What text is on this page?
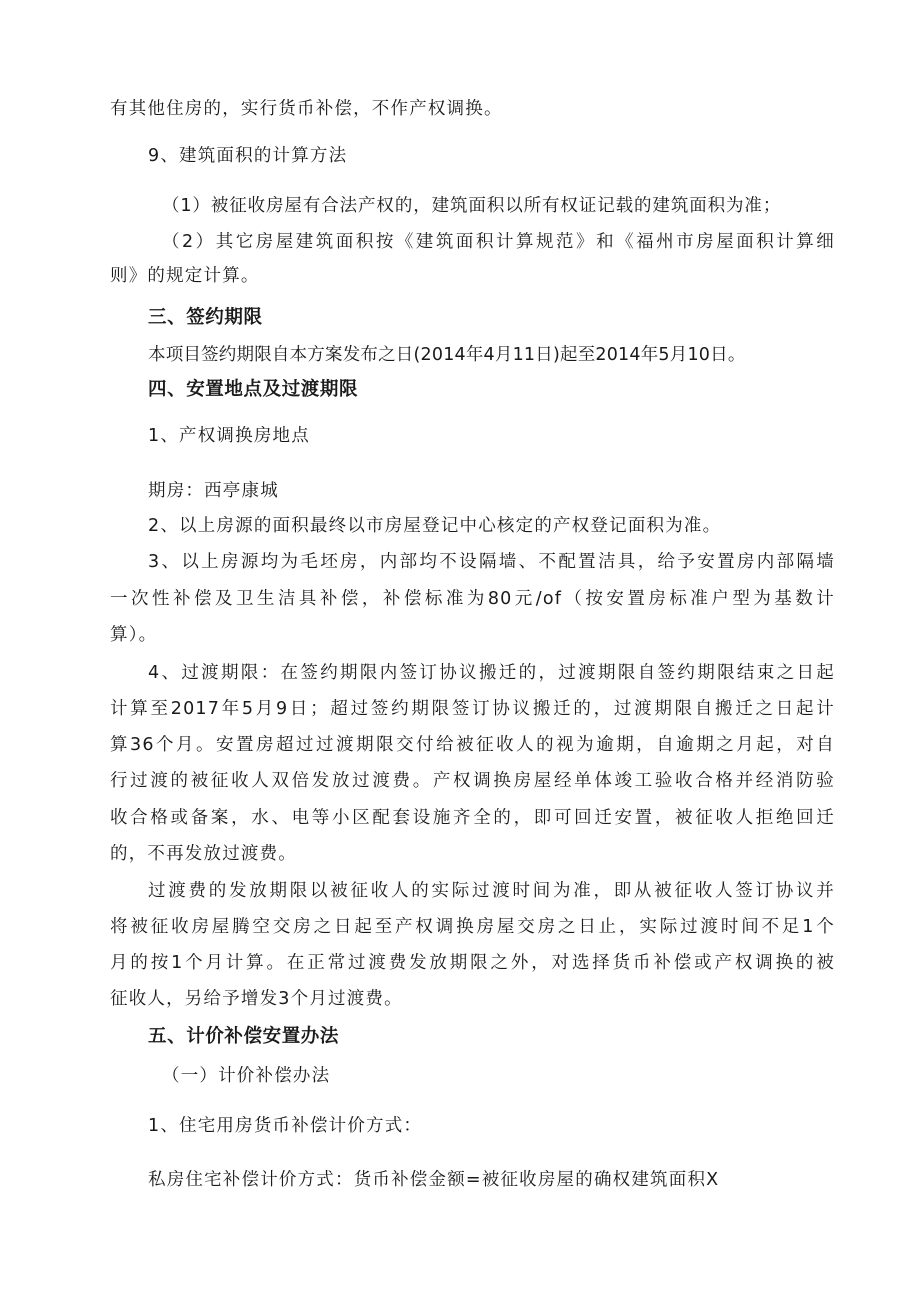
有其他住房的，实行货币补偿，不作产权调换。
9、建筑面积的计算方法
（1）被征收房屋有合法产权的，建筑面积以所有权证记载的建筑面积为准；
（2）其它房屋建筑面积按《建筑面积计算规范》和《福州市房屋面积计算细
则》的规定计算。
三、签约期限
本项目签约期限自本方案发布之日(2014年4月11日)起至2014年5月10日。
四、安置地点及过渡期限
1、产权调换房地点
期房：西亭康城
2、以上房源的面积最终以市房屋登记中心核定的产权登记面积为准。
3、以上房源均为毛坯房，内部均不设隔墙、不配置洁具，给予安置房内部隔墙
一次性补偿及卫生洁具补偿，补偿标准为80元/of（按安置房标准户型为基数计
算）。
4、过渡期限：在签约期限内签订协议搬迁的，过渡期限自签约期限结束之日起
计算至2017年5月9日；超过签约期限签订协议搬迁的，过渡期限自搬迁之日起计
算36个月。安置房超过过渡期限交付给被征收人的视为逾期，自逾期之月起，对自
行过渡的被征收人双倍发放过渡费。产权调换房屋经单体竣工验收合格并经消防验
收合格或备案，水、电等小区配套设施齐全的，即可回迁安置，被征收人拒绝回迁
的，不再发放过渡费。
过渡费的发放期限以被征收人的实际过渡时间为准，即从被征收人签订协议并
将被征收房屋腾空交房之日起至产权调换房屋交房之日止，实际过渡时间不足1个
月的按1个月计算。在正常过渡费发放期限之外，对选择货币补偿或产权调换的被
征收人，另给予增发3个月过渡费。
五、计价补偿安置办法
（一）计价补偿办法
1、住宅用房货币补偿计价方式：
私房住宅补偿计价方式：货币补偿金额=被征收房屋的确权建筑面积X
